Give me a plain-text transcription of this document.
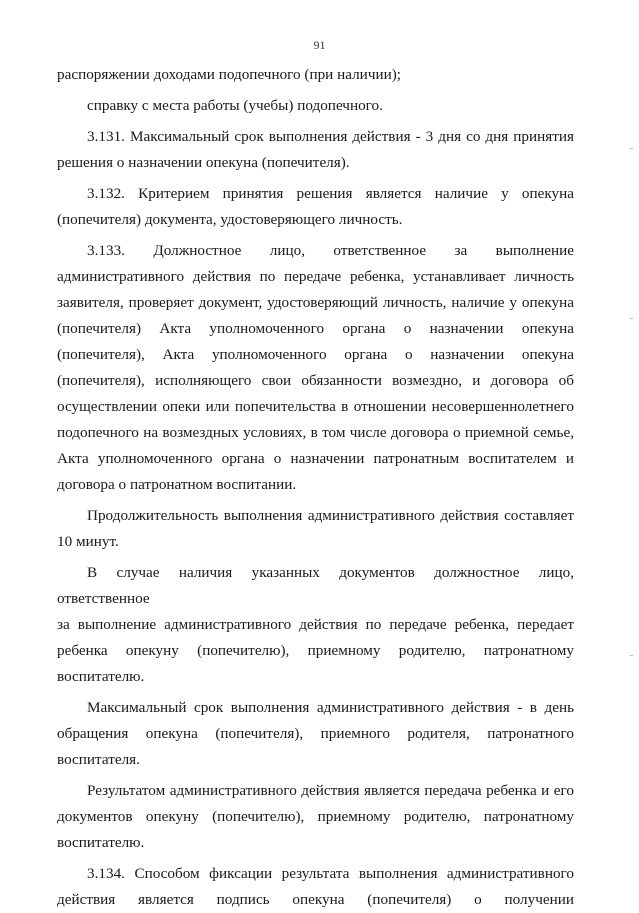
91
распоряжении доходами подопечного (при наличии);
справку с места работы (учебы) подопечного.
3.131. Максимальный срок выполнения действия - 3 дня со дня принятия
решения о назначении опекуна (попечителя).
3.132. Критерием принятия решения является наличие у опекуна
(попечителя) документа, удостоверяющего личность.
3.133. Должностное лицо, ответственное за выполнение
административного действия по передаче ребенка, устанавливает личность
заявителя, проверяет документ, удостоверяющий личность, наличие у опекуна
(попечителя) Акта уполномоченного органа о назначении опекуна
(попечителя), Акта уполномоченного органа о назначении опекуна
(попечителя), исполняющего свои обязанности возмездно, и договора об
осуществлении опеки или попечительства в отношении несовершеннолетнего
подопечного на возмездных условиях, в том числе договора о приемной семье,
Акта уполномоченного органа о назначении патронатным воспитателем и
договора о патронатном воспитании.
Продолжительность выполнения административного действия составляет
10 минут.
В случае наличия указанных документов должностное лицо, ответственное
за выполнение административного действия по передаче ребенка, передает
ребенка опекуну (попечителю), приемному родителю, патронатному
воспитателю.
Максимальный срок выполнения административного действия - в день
обращения опекуна (попечителя), приемного родителя, патронатного
воспитателя.
Результатом административного действия является передача ребенка и его
документов опекуну (попечителю), приемному родителю, патронатному
воспитателю.
3.134. Способом фиксации результата выполнения административного
действия является подпись опекуна (попечителя) о получении
